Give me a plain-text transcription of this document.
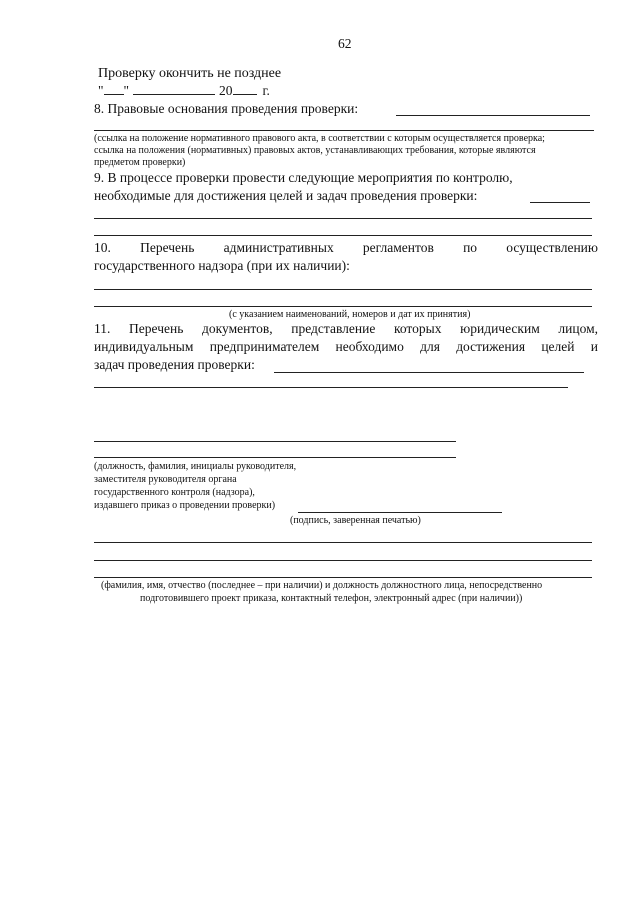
62
Проверку окончить не позднее
" "	20 г.
8. Правовые основания проведения проверки:
(ссылка на положение нормативного правового акта, в соответствии с которым осуществляется проверка;
ссылка на положения (нормативных) правовых актов, устанавливающих требования, которые являются
предметом проверки)
9. В процессе проверки провести следующие мероприятия по контролю,
необходимые для достижения целей и задач проведения проверки:
10. Перечень административных регламентов по осуществлению
государственного надзора (при их наличии):
(с указанием наименований, номеров и дат их принятия)
11. Перечень документов, представление которых юридическим лицом,
индивидуальным предпринимателем необходимо для достижения целей и
задач проведения проверки:
(должность, фамилия, инициалы руководителя,
заместителя руководителя органа
государственного контроля (надзора),
издавшего приказ о проведении проверки)
(подпись, заверенная печатью)
(фамилия, имя, отчество (последнее – при наличии) и должность должностного лица, непосредственно
подготовившего проект приказа, контактный телефон, электронный адрес (при наличии))
